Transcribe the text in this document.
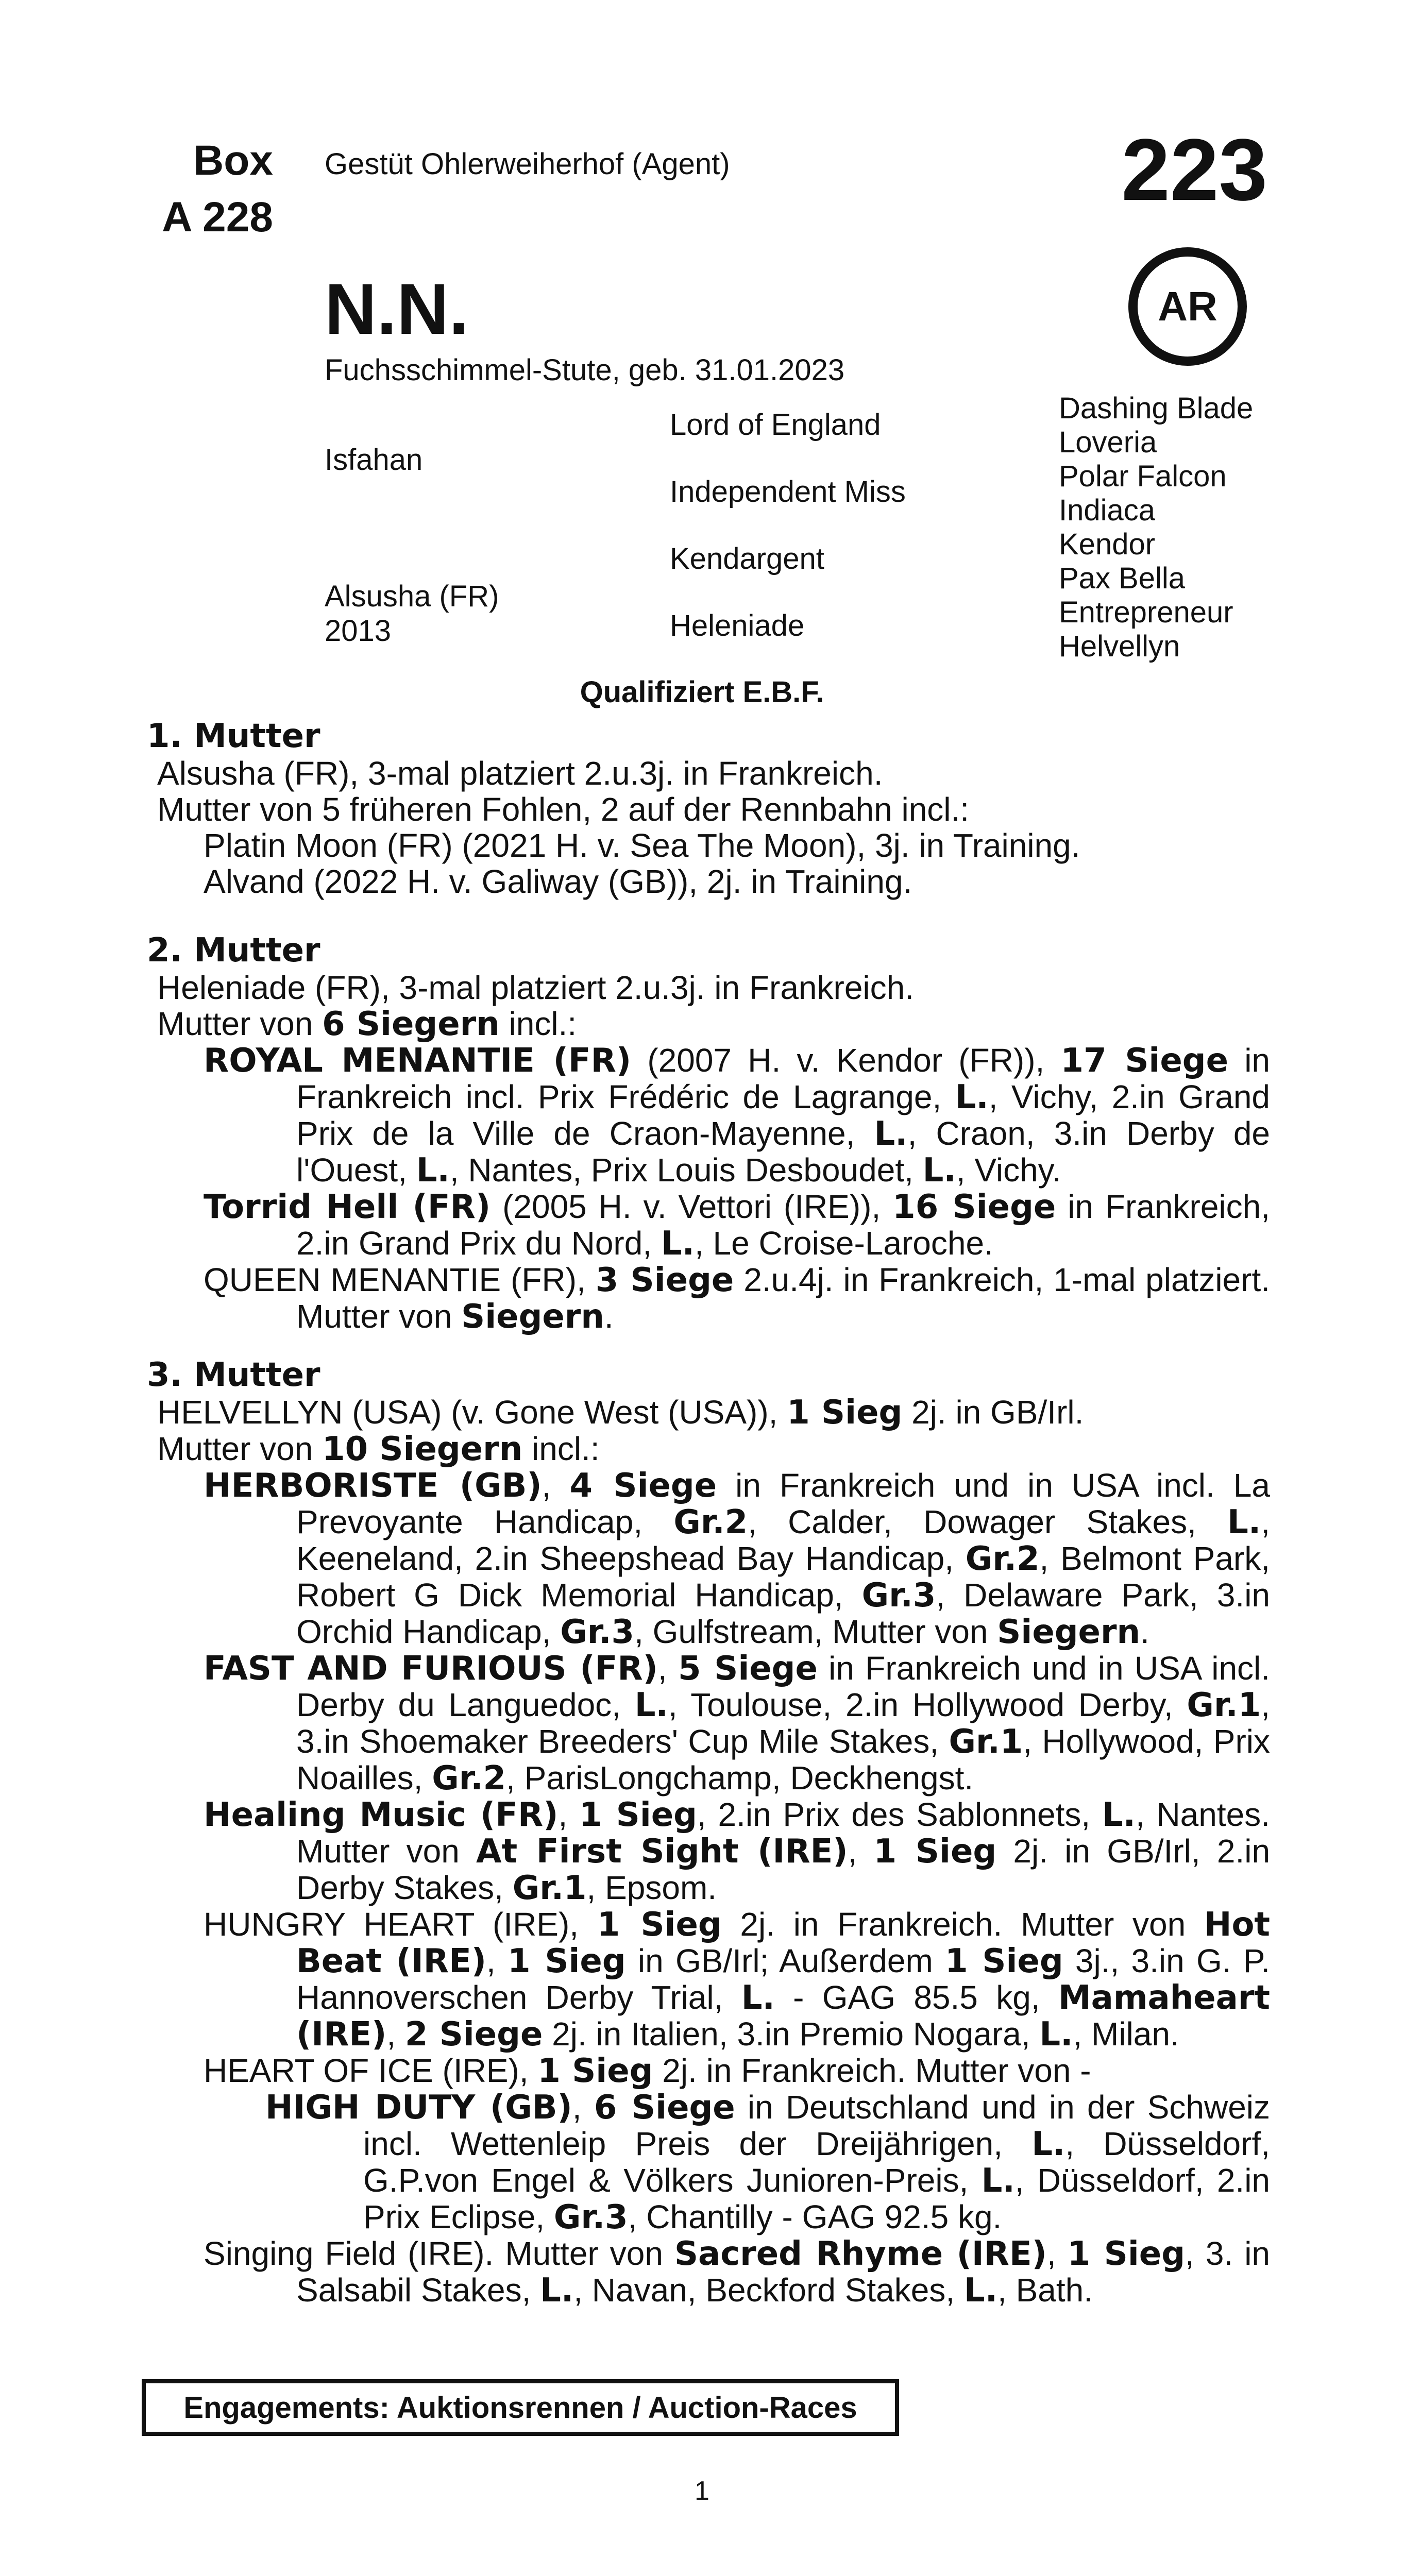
Box
A 228
Gestüt Ohlerweiherhof (Agent)	223
AR
N.N.
Fuchsschimmel-Stute, geb. 31.01.2023
Isfahan
Alsusha (FR)
2013
Lord of England
Independent Miss
Kendargent
Heleniade
Dashing Blade
Loveria
Polar Falcon
Indiaca
Kendor
Pax Bella
Entrepreneur
Helvellyn
Qualifiziert E.B.F.
1. Mutter
Alsusha (FR), 3-mal platziert 2.u.3j. in Frankreich.
Mutter von 5 früheren Fohlen, 2 auf der Rennbahn incl.:
Platin Moon (FR) (2021 H. v. Sea The Moon), 3j. in Training.
Alvand (2022 H. v. Galiway (GB)), 2j. in Training.
2. Mutter
Heleniade (FR), 3-mal platziert 2.u.3j. in Frankreich.
Mutter von 6 Siegern incl.:
ROYAL MENANTIE (FR) (2007 H. v. Kendor (FR)), 17 Siege in Frankreich incl. Prix Frédéric de Lagrange, L., Vichy, 2.in Grand Prix de la Ville de Craon-Mayenne, L., Craon, 3.in Derby de l'Ouest, L., Nantes, Prix Louis Desboudet, L., Vichy.
Torrid Hell (FR) (2005 H. v. Vettori (IRE)), 16 Siege in Frankreich, 2.in Grand Prix du Nord, L., Le Croise-Laroche.
QUEEN MENANTIE (FR), 3 Siege 2.u.4j. in Frankreich, 1-mal platziert. Mutter von Siegern.
3. Mutter
HELVELLYN (USA) (v. Gone West (USA)), 1 Sieg 2j. in GB/Irl.
Mutter von 10 Siegern incl.:
HERBORISTE (GB), 4 Siege in Frankreich und in USA incl. La Prevoyante Handicap, Gr.2, Calder, Dowager Stakes, L., Keeneland, 2.in Sheepshead Bay Handicap, Gr.2, Belmont Park, Robert G Dick Memorial Handicap, Gr.3, Delaware Park, 3.in Orchid Handicap, Gr.3, Gulfstream, Mutter von Siegern.
FAST AND FURIOUS (FR), 5 Siege in Frankreich und in USA incl. Derby du Languedoc, L., Toulouse, 2.in Hollywood Derby, Gr.1, 3.in Shoemaker Breeders' Cup Mile Stakes, Gr.1, Hollywood, Prix Noailles, Gr.2, ParisLongchamp, Deckhengst.
Healing Music (FR), 1 Sieg, 2.in Prix des Sablonnets, L., Nantes. Mutter von At First Sight (IRE), 1 Sieg 2j. in GB/Irl, 2.in Derby Stakes, Gr.1, Epsom.
HUNGRY HEART (IRE), 1 Sieg 2j. in Frankreich. Mutter von Hot Beat (IRE), 1 Sieg in GB/Irl; Außerdem 1 Sieg 3j., 3.in G. P. Hannoverschen Derby Trial, L. - GAG 85.5 kg, Mamaheart (IRE), 2 Siege 2j. in Italien, 3.in Premio Nogara, L., Milan.
HEART OF ICE (IRE), 1 Sieg 2j. in Frankreich. Mutter von -
HIGH DUTY (GB), 6 Siege in Deutschland und in der Schweiz incl. Wettenleip Preis der Dreijährigen, L., Düsseldorf, G.P.von Engel & Völkers Junioren-Preis, L., Düsseldorf, 2.in Prix Eclipse, Gr.3, Chantilly - GAG 92.5 kg.
Singing Field (IRE). Mutter von Sacred Rhyme (IRE), 1 Sieg, 3. in Salsabil Stakes, L., Navan, Beckford Stakes, L., Bath.
Engagements: Auktionsrennen / Auction-Races
1
